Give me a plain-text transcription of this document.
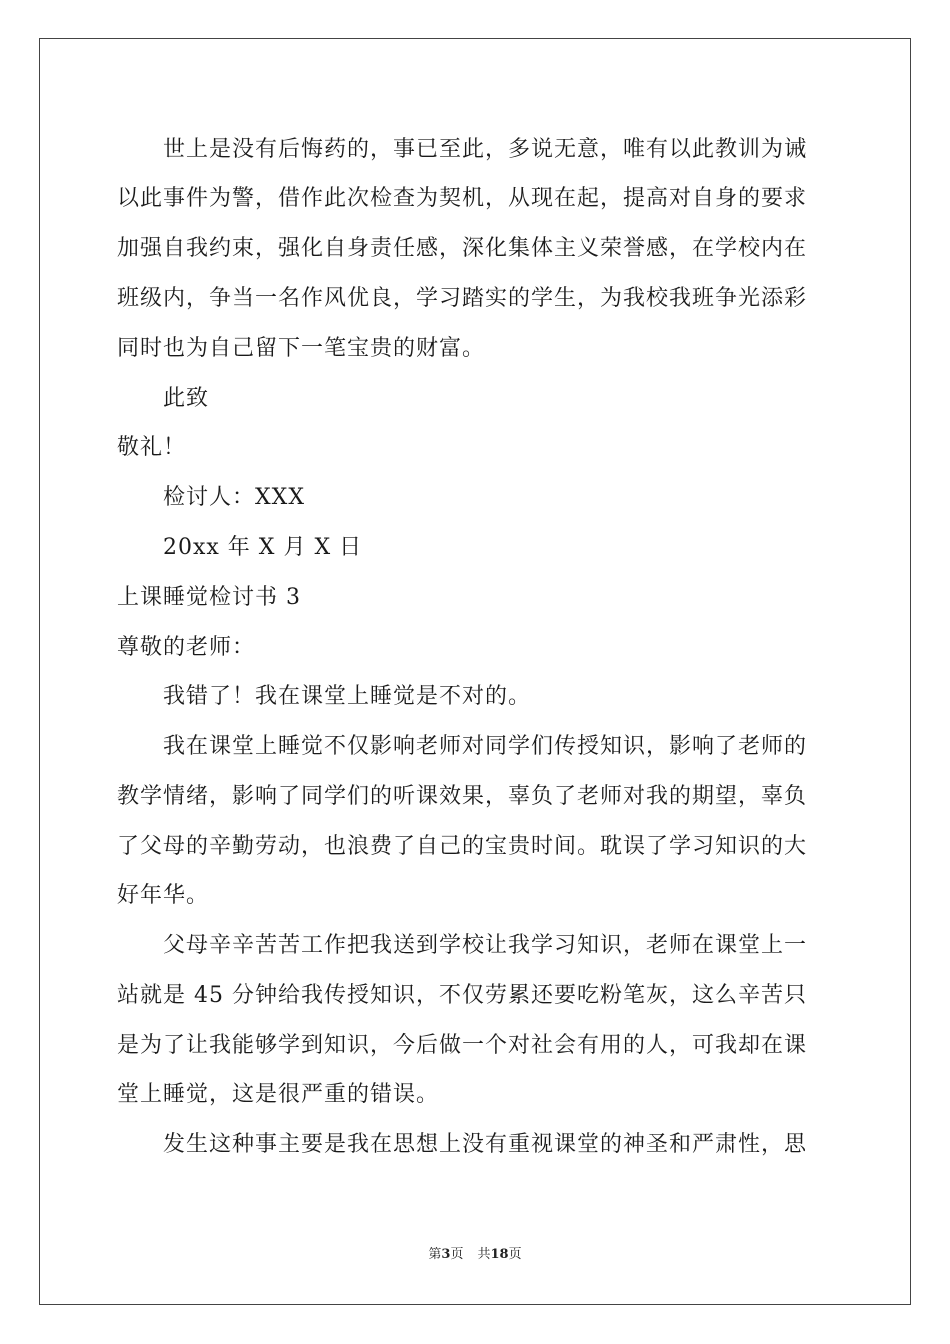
世上是没有后悔药的，事已至此，多说无意，唯有以此教训为诫
以此事件为警，借作此次检查为契机，从现在起，提高对自身的要求
加强自我约束，强化自身责任感，深化集体主义荣誉感，在学校内在
班级内，争当一名作风优良，学习踏实的学生，为我校我班争光添彩
同时也为自己留下一笔宝贵的财富。
此致
敬礼！
检讨人：XXX
20xx 年 X 月 X 日
上课睡觉检讨书 3
尊敬的老师：
我错了！我在课堂上睡觉是不对的。
我在课堂上睡觉不仅影响老师对同学们传授知识，影响了老师的
教学情绪，影响了同学们的听课效果，辜负了老师对我的期望，辜负
了父母的辛勤劳动，也浪费了自己的宝贵时间。耽误了学习知识的大
好年华。
父母辛辛苦苦工作把我送到学校让我学习知识，老师在课堂上一
站就是 45 分钟给我传授知识，不仅劳累还要吃粉笔灰，这么辛苦只
是为了让我能够学到知识，今后做一个对社会有用的人，可我却在课
堂上睡觉，这是很严重的错误。
发生这种事主要是我在思想上没有重视课堂的神圣和严肃性，思
第3页 共18页
